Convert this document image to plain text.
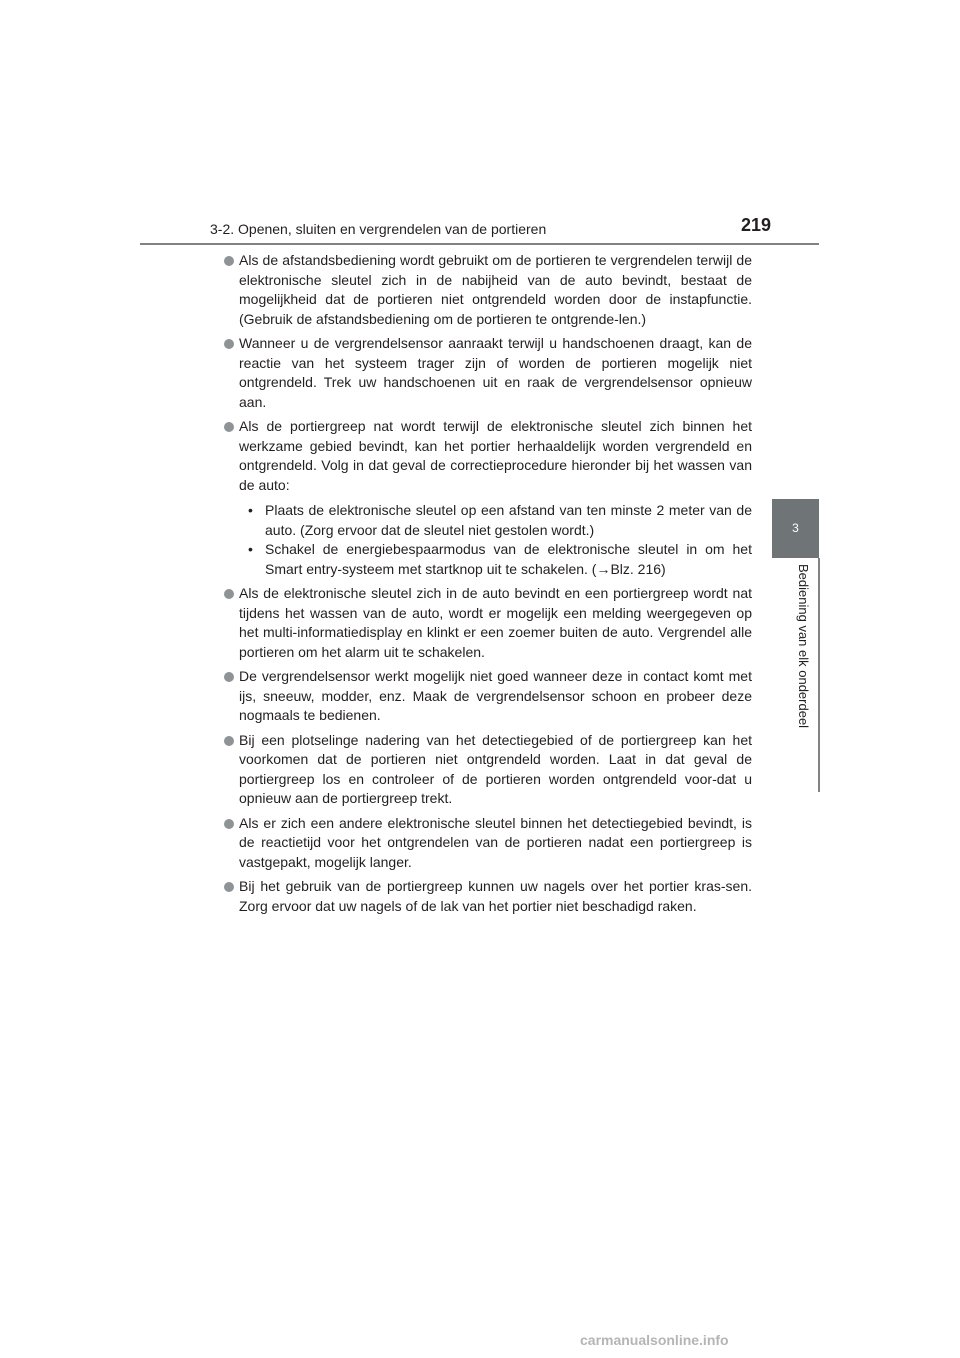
3-2. Openen, sluiten en vergrendelen van de portieren	219
3
Bediening van elk onderdeel
Als de afstandsbediening wordt gebruikt om de portieren te vergrendelen terwijl de elektronische sleutel zich in de nabijheid van de auto bevindt, bestaat de mogelijkheid dat de portieren niet ontgrendeld worden door de instapfunctie. (Gebruik de afstandsbediening om de portieren te ontgrende-len.)
Wanneer u de vergrendelsensor aanraakt terwijl u handschoenen draagt, kan de reactie van het systeem trager zijn of worden de portieren mogelijk niet ontgrendeld. Trek uw handschoenen uit en raak de vergrendelsensor opnieuw aan.
Als de portiergreep nat wordt terwijl de elektronische sleutel zich binnen het werkzame gebied bevindt, kan het portier herhaaldelijk worden vergrendeld en ontgrendeld. Volg in dat geval de correctieprocedure hieronder bij het wassen van de auto:
• Plaats de elektronische sleutel op een afstand van ten minste 2 meter van de auto. (Zorg ervoor dat de sleutel niet gestolen wordt.)
• Schakel de energiebespaarmodus van de elektronische sleutel in om het Smart entry-systeem met startknop uit te schakelen. (→Blz. 216)
Als de elektronische sleutel zich in de auto bevindt en een portiergreep wordt nat tijdens het wassen van de auto, wordt er mogelijk een melding weergegeven op het multi-informatiedisplay en klinkt er een zoemer buiten de auto. Vergrendel alle portieren om het alarm uit te schakelen.
De vergrendelsensor werkt mogelijk niet goed wanneer deze in contact komt met ijs, sneeuw, modder, enz. Maak de vergrendelsensor schoon en probeer deze nogmaals te bedienen.
Bij een plotselinge nadering van het detectiegebied of de portiergreep kan het voorkomen dat de portieren niet ontgrendeld worden. Laat in dat geval de portiergreep los en controleer of de portieren worden ontgrendeld voor-dat u opnieuw aan de portiergreep trekt.
Als er zich een andere elektronische sleutel binnen het detectiegebied bevindt, is de reactietijd voor het ontgrendelen van de portieren nadat een portiergreep is vastgepakt, mogelijk langer.
Bij het gebruik van de portiergreep kunnen uw nagels over het portier kras-sen. Zorg ervoor dat uw nagels of de lak van het portier niet beschadigd raken.
carmanualsonline.info
